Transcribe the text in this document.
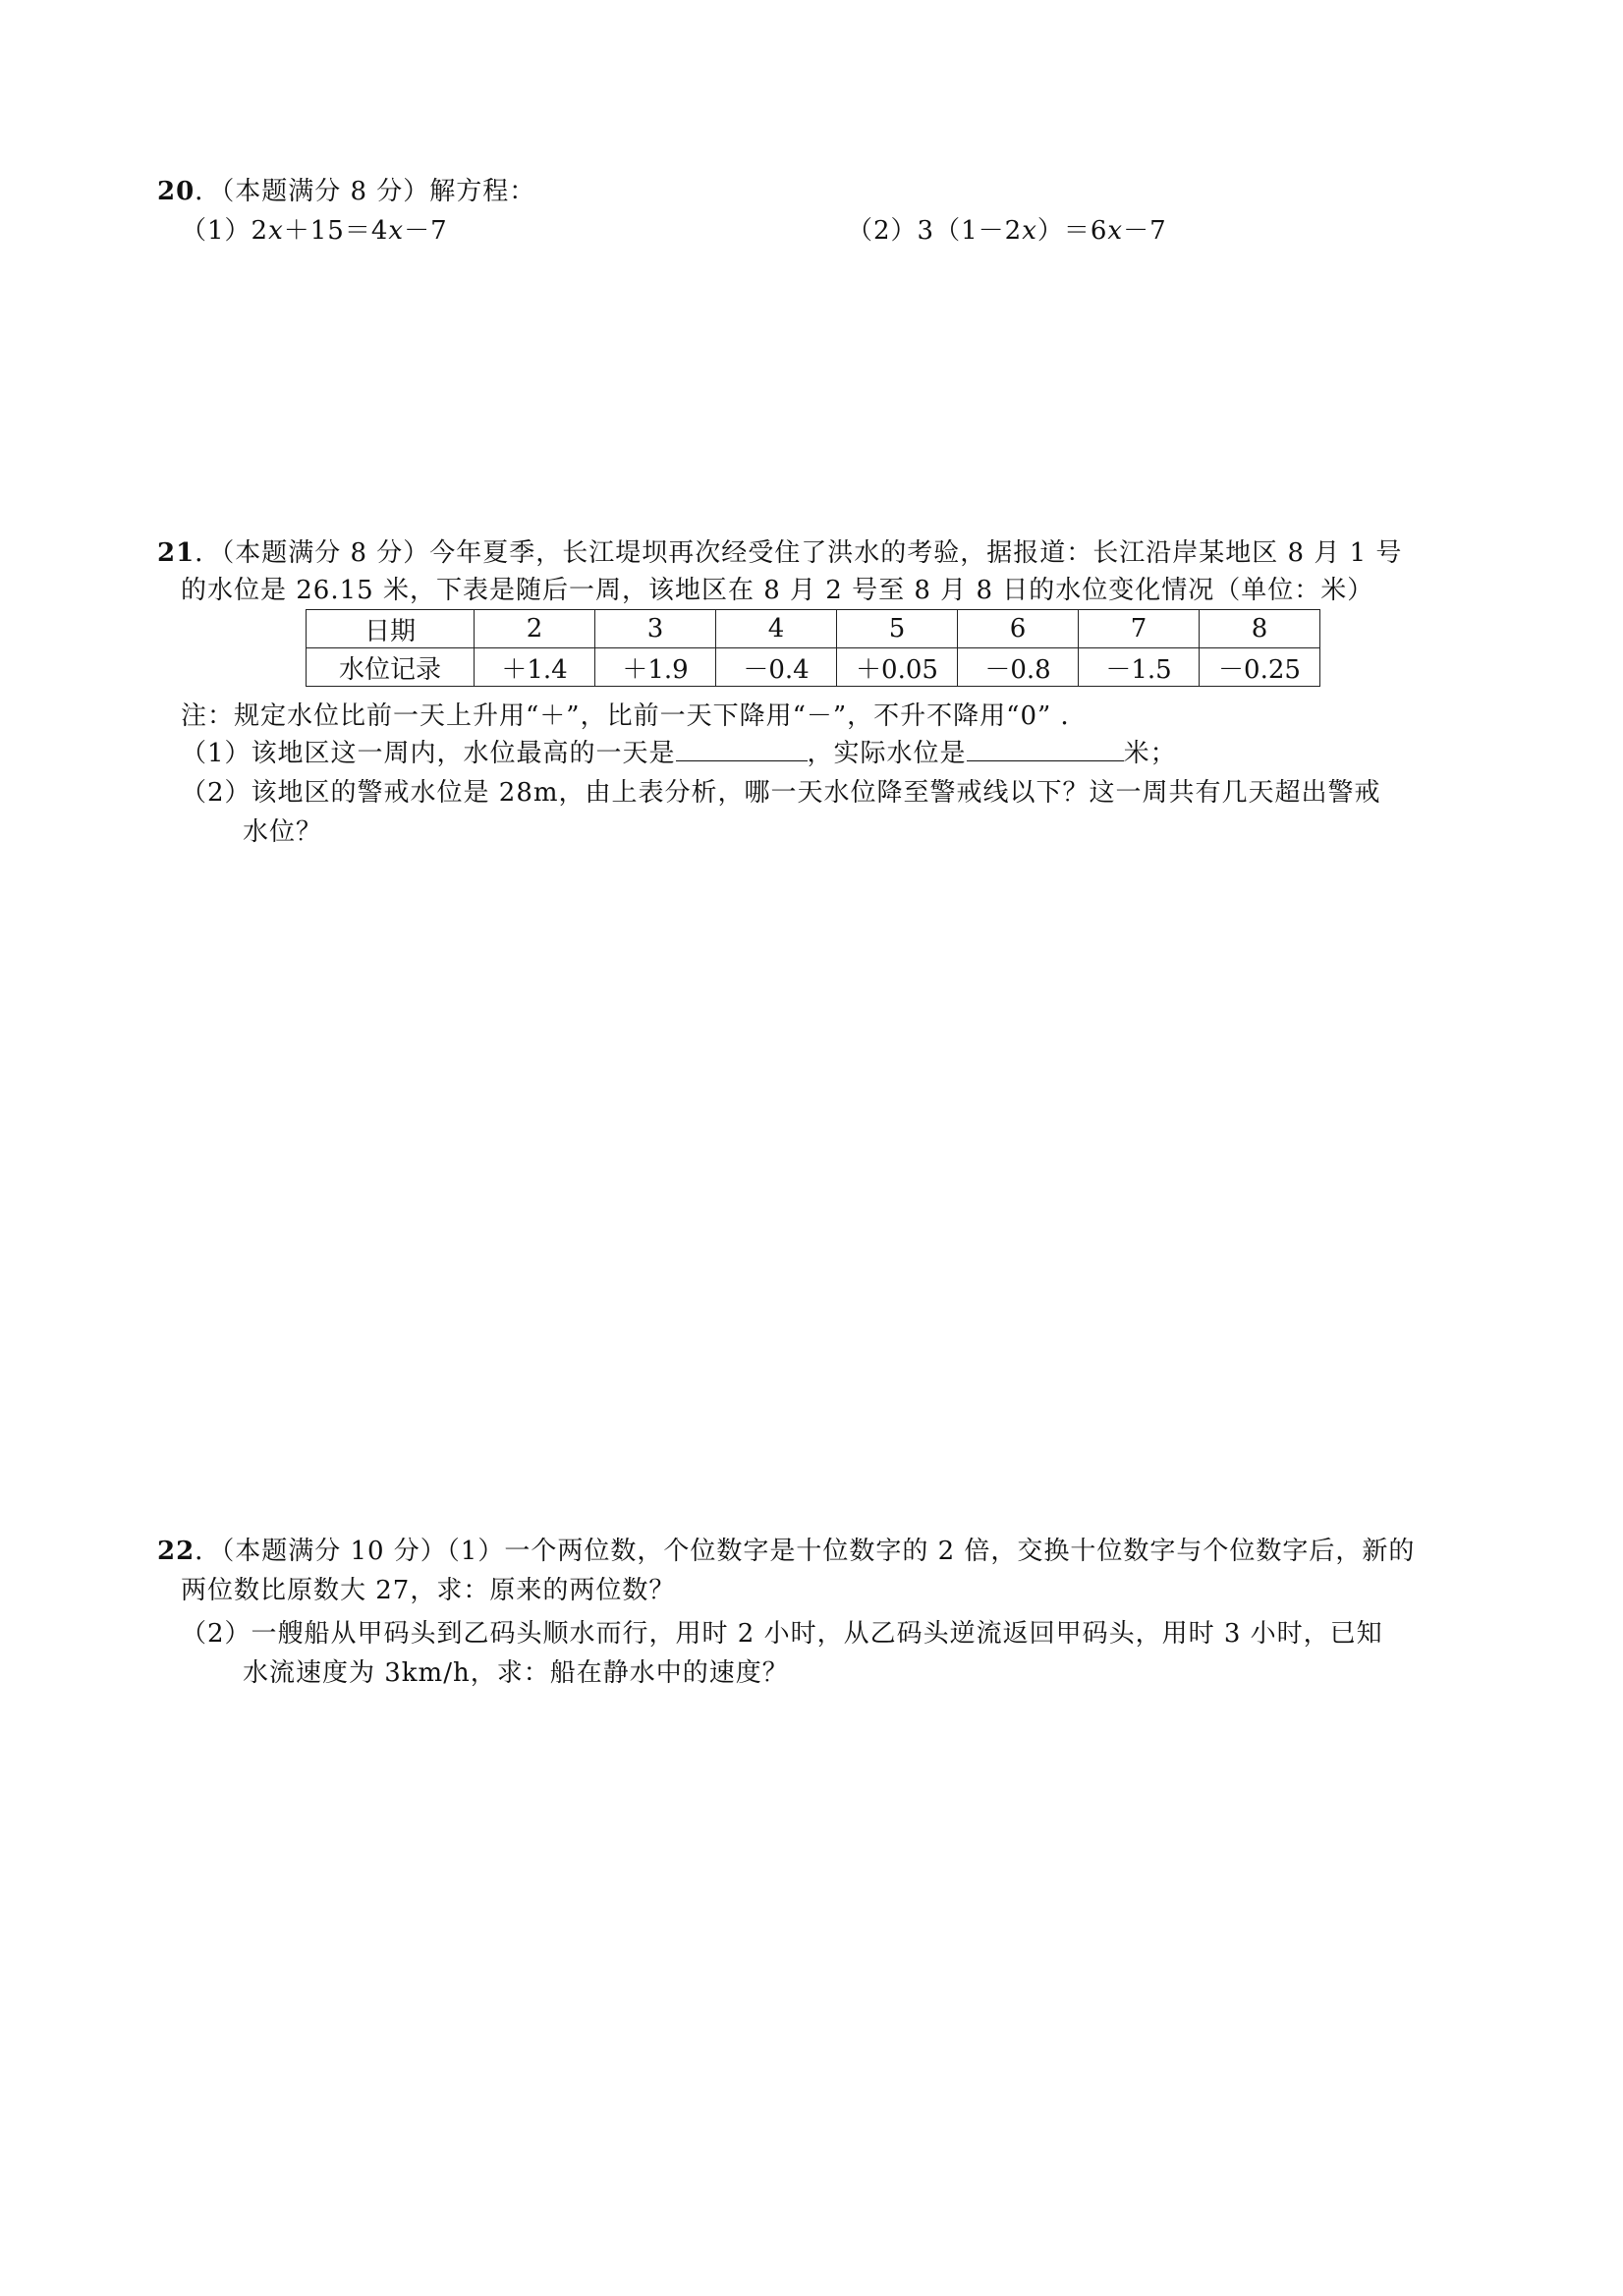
20．（本题满分 8 分）解方程：
（1）2x＋15＝4x－7	（2）3（1－2x）＝6x－7
21．（本题满分 8 分）今年夏季，长江堤坝再次经受住了洪水的考验，据报道：长江沿岸某地区 8 月 1 号
的水位是 26.15 米，下表是随后一周，该地区在 8 月 2 号至 8 月 8 日的水位变化情况（单位：米）
日期	2	3	4	5	6	7	8
水位记录	＋1.4	＋1.9	－0.4	＋0.05	－0.8	－1.5	－0.25
注：规定水位比前一天上升用“＋”，比前一天下降用“－”，不升不降用“0” ．
（1）该地区这一周内，水位最高的一天是	，实际水位是	米；
（2）该地区的警戒水位是 28m，由上表分析，哪一天水位降至警戒线以下？这一周共有几天超出警戒
水位？
22．（本题满分 10 分）（1）一个两位数，个位数字是十位数字的 2 倍，交换十位数字与个位数字后，新的
两位数比原数大 27，求：原来的两位数？
（2）一艘船从甲码头到乙码头顺水而行，用时 2 小时，从乙码头逆流返回甲码头，用时 3 小时，已知
水流速度为 3km/h，求：船在静水中的速度？
